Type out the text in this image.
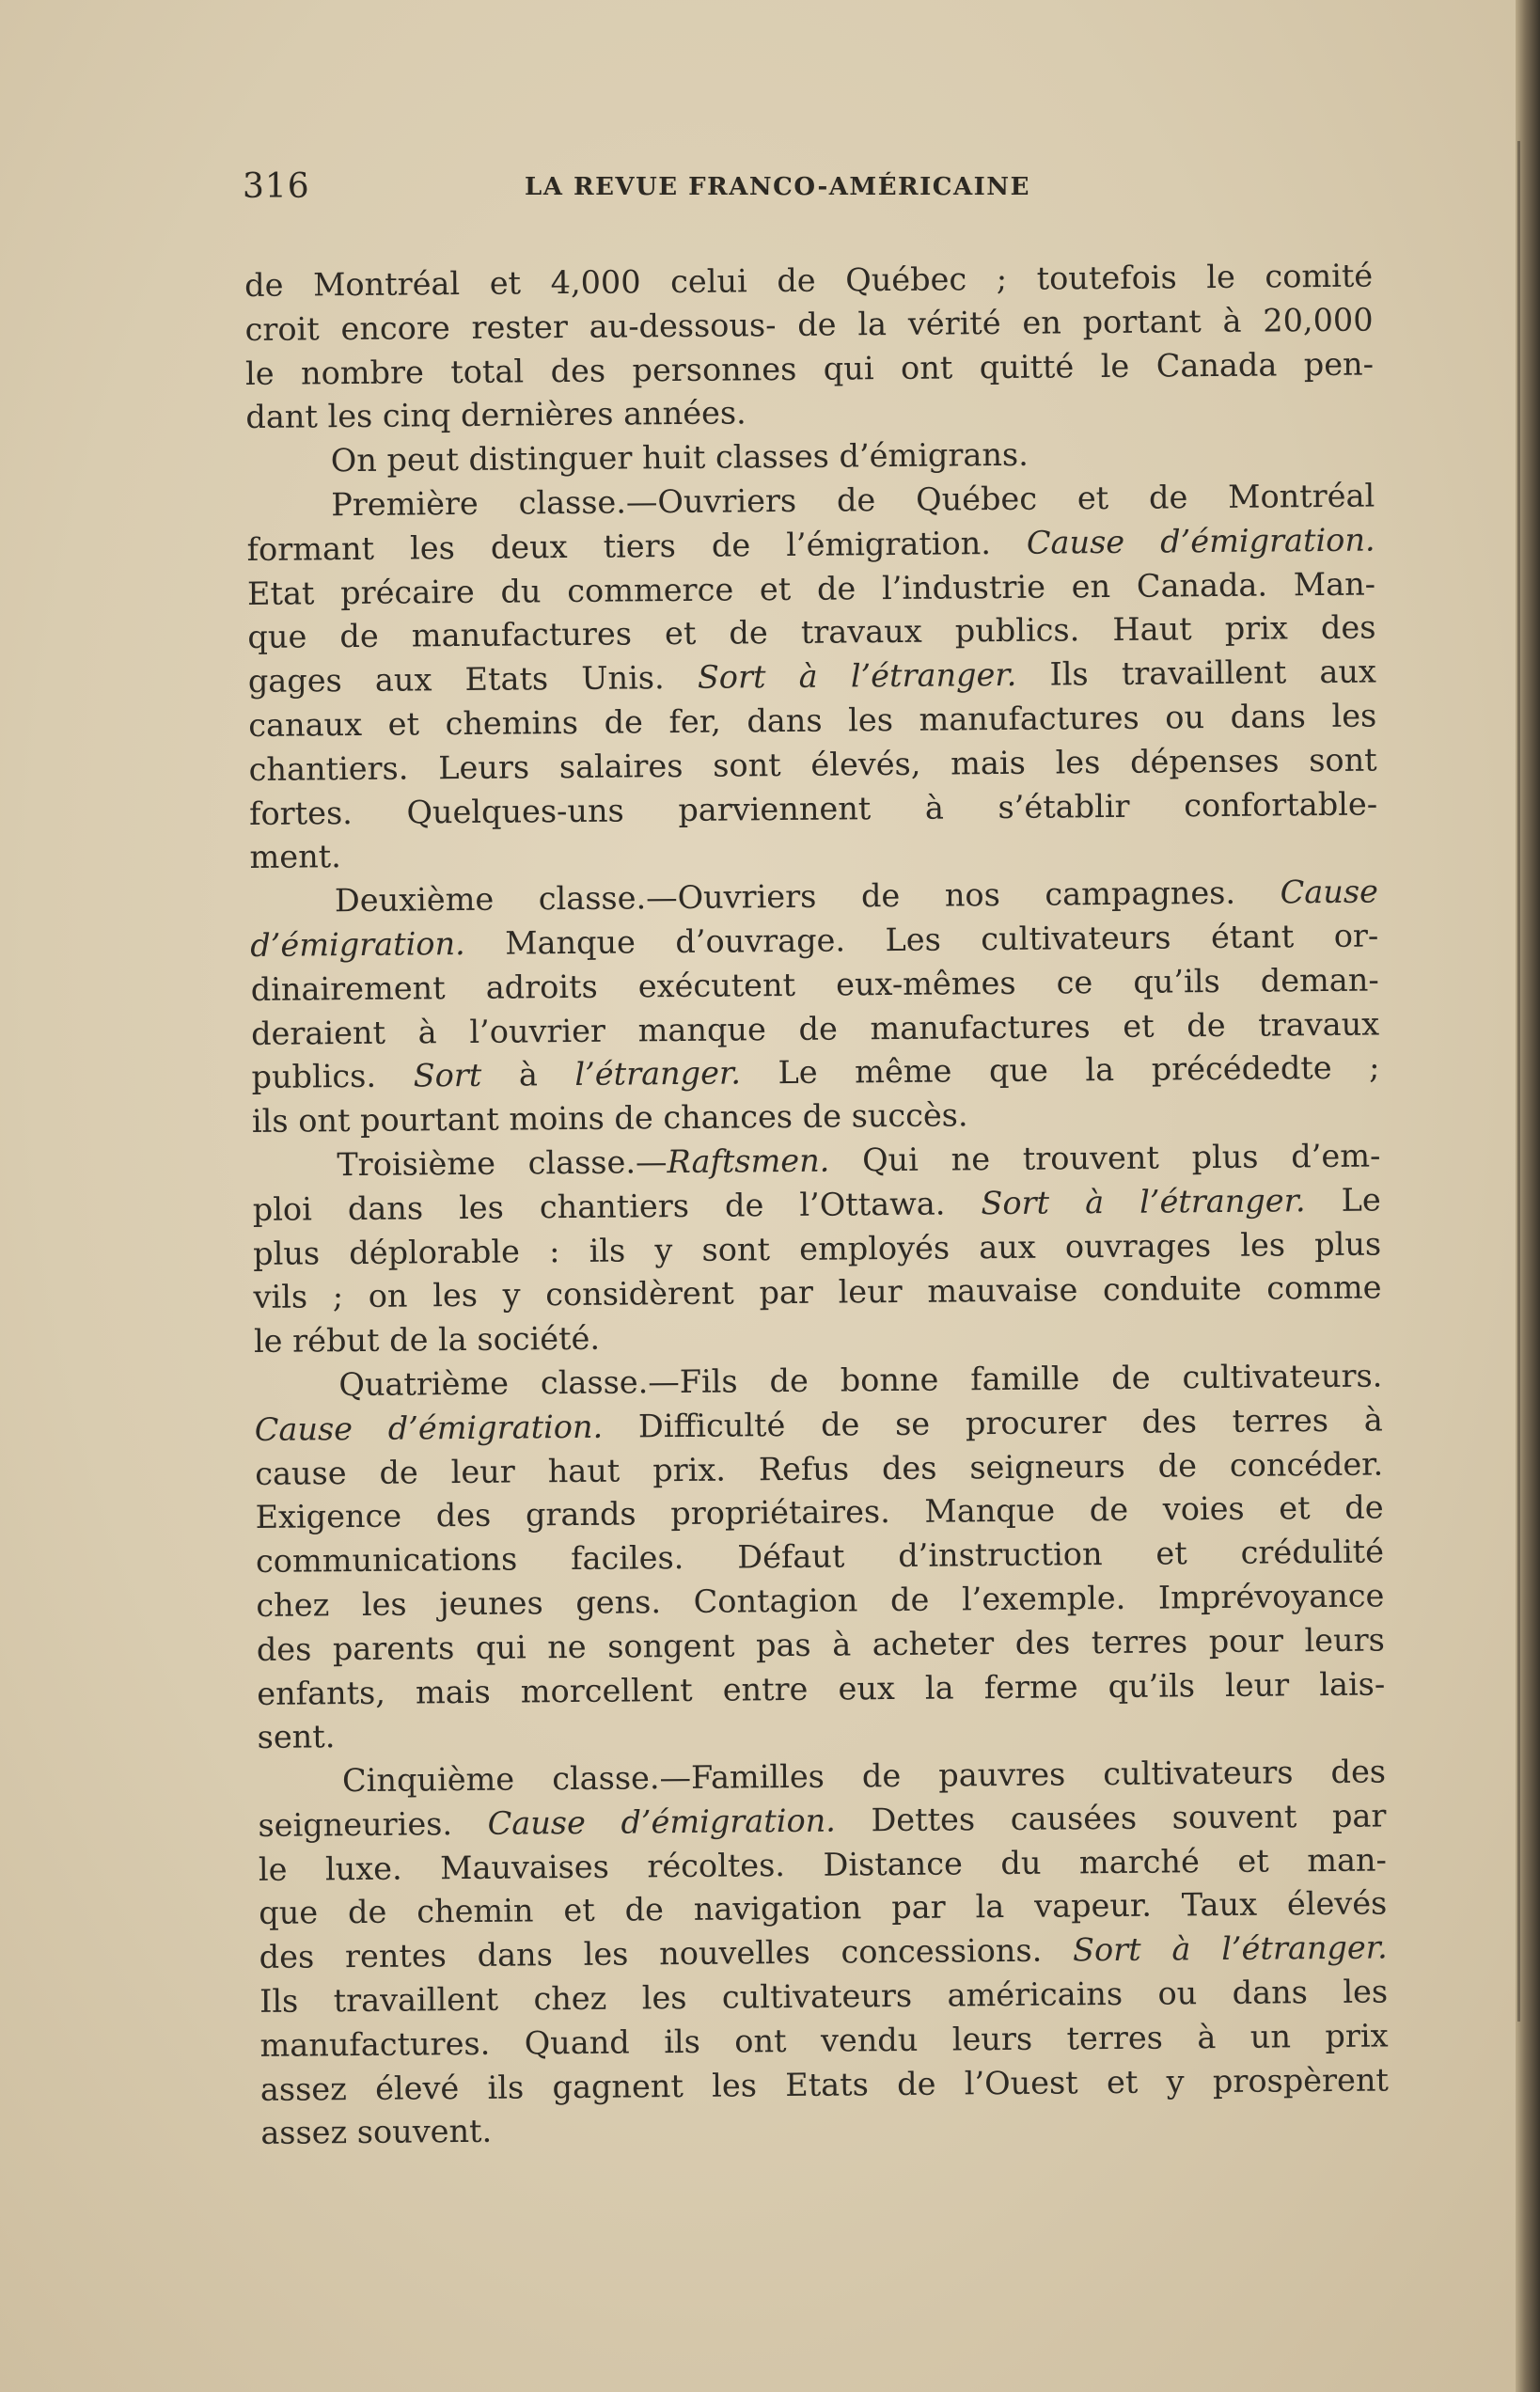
316	LA REVUE FRANCO-AMÉRICAINE
de Montréal et 4,000 celui de Québec ; toutefois le comité
croit encore rester au-dessous- de la vérité en portant à 20,000
le nombre total des personnes qui ont quitté le Canada pen-
dant les cinq dernières années.
On peut distinguer huit classes d’émigrans.
Première classe.—Ouvriers de Québec et de Montréal
formant les deux tiers de l’émigration. Cause d’émigration.
Etat précaire du commerce et de l’industrie en Canada. Man-
que de manufactures et de travaux publics. Haut prix des
gages aux Etats Unis. Sort à l’étranger. Ils travaillent aux
canaux et chemins de fer, dans les manufactures ou dans les
chantiers. Leurs salaires sont élevés, mais les dépenses sont
fortes. Quelques-uns parviennent à s’établir confortable-
ment.
Deuxième classe.—Ouvriers de nos campagnes. Cause
d’émigration. Manque d’ouvrage. Les cultivateurs étant or-
dinairement adroits exécutent eux-mêmes ce qu’ils deman-
deraient à l’ouvrier manque de manufactures et de travaux
publics. Sort à l’étranger. Le même que la précédedte ;
ils ont pourtant moins de chances de succès.
Troisième classe.—Raftsmen. Qui ne trouvent plus d’em-
ploi dans les chantiers de l’Ottawa. Sort à l’étranger. Le
plus déplorable : ils y sont employés aux ouvrages les plus
vils ; on les y considèrent par leur mauvaise conduite comme
le rébut de la société.
Quatrième classe.—Fils de bonne famille de cultivateurs.
Cause d’émigration. Difficulté de se procurer des terres à
cause de leur haut prix. Refus des seigneurs de concéder.
Exigence des grands propriétaires. Manque de voies et de
communications faciles. Défaut d’instruction et crédulité
chez les jeunes gens. Contagion de l’exemple. Imprévoyance
des parents qui ne songent pas à acheter des terres pour leurs
enfants, mais morcellent entre eux la ferme qu’ils leur lais-
sent.
Cinquième classe.—Familles de pauvres cultivateurs des
seigneuries. Cause d’émigration. Dettes causées souvent par
le luxe. Mauvaises récoltes. Distance du marché et man-
que de chemin et de navigation par la vapeur. Taux élevés
des rentes dans les nouvelles concessions. Sort à l’étranger.
Ils travaillent chez les cultivateurs américains ou dans les
manufactures. Quand ils ont vendu leurs terres à un prix
assez élevé ils gagnent les Etats de l’Ouest et y prospèrent
assez souvent.
